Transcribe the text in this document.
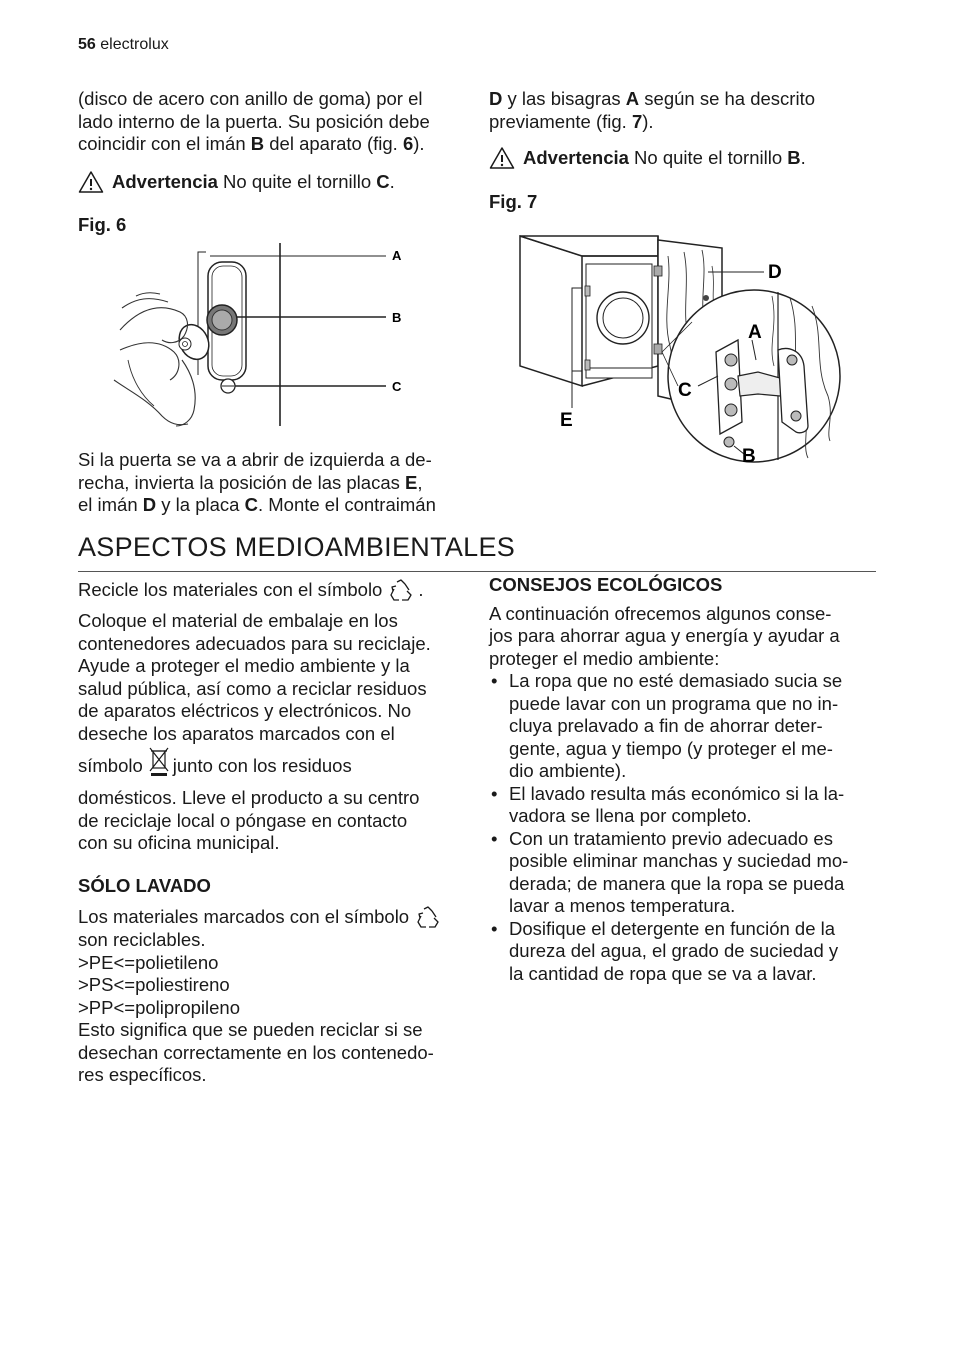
56 electrolux
(disco de acero con anillo de goma) por el
lado interno de la puerta. Su posición debe
coincidir con el imán B del aparato (fig. 6).
Advertencia No quite el tornillo C.
Fig. 6
A
B
C
Si la puerta se va a abrir de izquierda a de-
recha, invierta la posición de las placas E,
el imán D y la placa C. Monte el contraimán
D y las bisagras A según se ha descrito
previamente (fig. 7).
Advertencia No quite el tornillo B.
Fig. 7
D
A
C
E
B
ASPECTOS MEDIOAMBIENTALES
Recicle los materiales con el símbolo .
Coloque el material de embalaje en los
contenedores adecuados para su reciclaje.
Ayude a proteger el medio ambiente y la
salud pública, así como a reciclar residuos
de aparatos eléctricos y electrónicos. No
deseche los aparatos marcados con el
símbolo junto con los residuos
domésticos. Lleve el producto a su centro
de reciclaje local o póngase en contacto
con su oficina municipal.
SÓLO LAVADO
Los materiales marcados con el símbolo
son reciclables.
>PE<=polietileno
>PS<=poliestireno
>PP<=polipropileno
Esto significa que se pueden reciclar si se
desechan correctamente en los contenedo-
res específicos.
CONSEJOS ECOLÓGICOS
A continuación ofrecemos algunos conse-
jos para ahorrar agua y energía y ayudar a
proteger el medio ambiente:
• La ropa que no esté demasiado sucia se
puede lavar con un programa que no in-
cluya prelavado a fin de ahorrar deter-
gente, agua y tiempo (y proteger el me-
dio ambiente).
• El lavado resulta más económico si la la-
vadora se llena por completo.
• Con un tratamiento previo adecuado es
posible eliminar manchas y suciedad mo-
derada; de manera que la ropa se pueda
lavar a menos temperatura.
• Dosifique el detergente en función de la
dureza del agua, el grado de suciedad y
la cantidad de ropa que se va a lavar.
